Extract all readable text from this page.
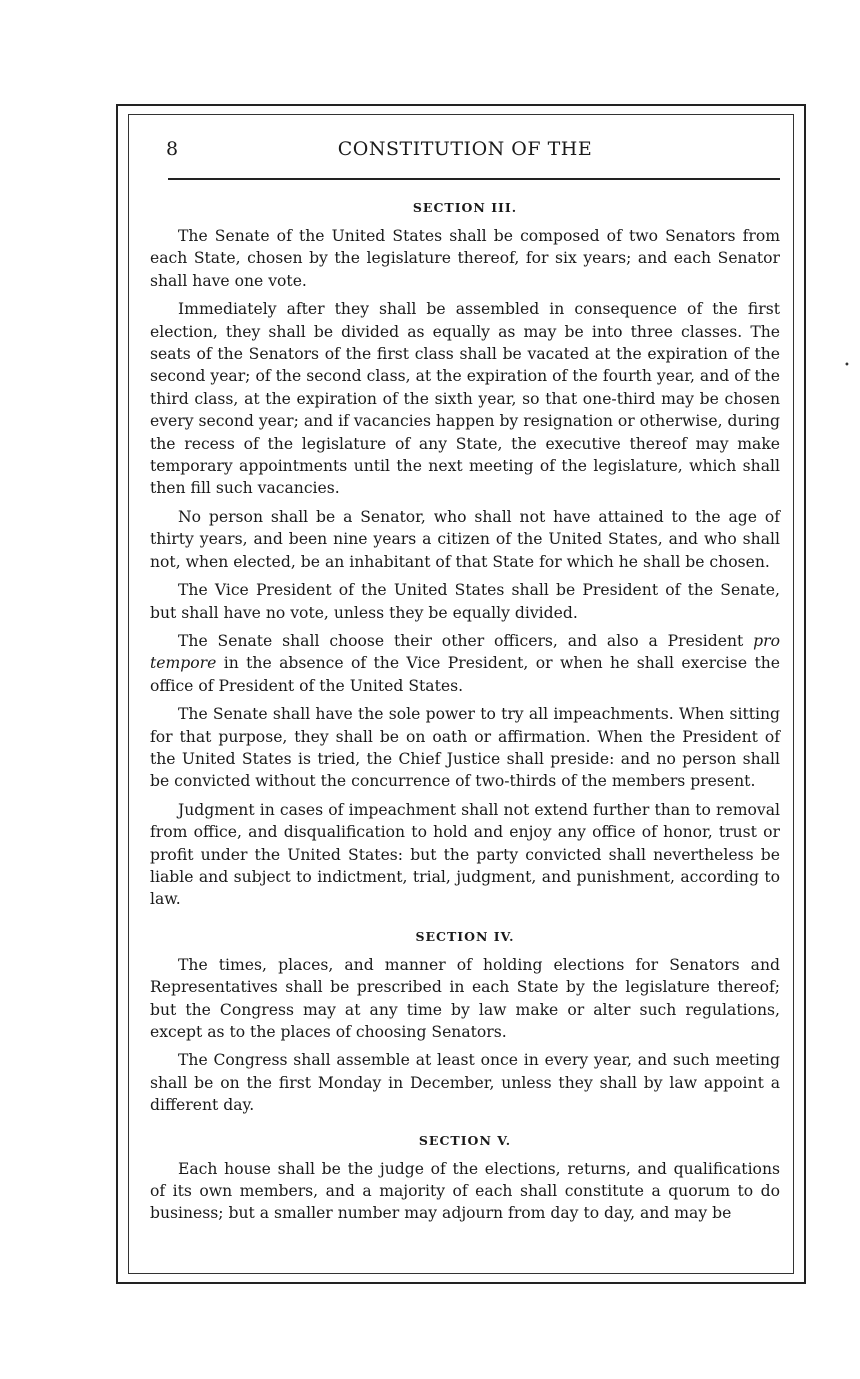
•
8	CONSTITUTION OF THE
SECTION III.

The Senate of the United States shall be composed of two Senators from each State, chosen by the legislature thereof, for six years; and each Senator shall have one vote.

Immediately after they shall be assembled in consequence of the first election, they shall be divided as equally as may be into three classes. The seats of the Senators of the first class shall be vacated at the expiration of the second year; of the second class, at the expiration of the fourth year, and of the third class, at the expiration of the sixth year, so that one-third may be chosen every second year; and if vacancies happen by resignation or otherwise, during the recess of the legislature of any State, the executive thereof may make temporary appointments until the next meeting of the legislature, which shall then fill such vacancies.

No person shall be a Senator, who shall not have attained to the age of thirty years, and been nine years a citizen of the United States, and who shall not, when elected, be an inhabitant of that State for which he shall be chosen.

The Vice President of the United States shall be President of the Senate, but shall have no vote, unless they be equally divided.

The Senate shall choose their other officers, and also a President pro tempore in the absence of the Vice President, or when he shall exercise the office of President of the United States.

The Senate shall have the sole power to try all impeachments. When sitting for that purpose, they shall be on oath or affirmation. When the President of the United States is tried, the Chief Justice shall preside: and no person shall be convicted without the concurrence of two-thirds of the members present.

Judgment in cases of impeachment shall not extend further than to removal from office, and disqualification to hold and enjoy any office of honor, trust or profit under the United States: but the party convicted shall nevertheless be liable and subject to indictment, trial, judgment, and punishment, according to law.

SECTION IV.

The times, places, and manner of holding elections for Senators and Representatives shall be prescribed in each State by the legislature thereof; but the Congress may at any time by law make or alter such regulations, except as to the places of choosing Senators.

The Congress shall assemble at least once in every year, and such meeting shall be on the first Monday in December, unless they shall by law appoint a different day.

SECTION V.

Each house shall be the judge of the elections, returns, and qualifications of its own members, and a majority of each shall constitute a quorum to do business; but a smaller number may adjourn from day to day, and may be
